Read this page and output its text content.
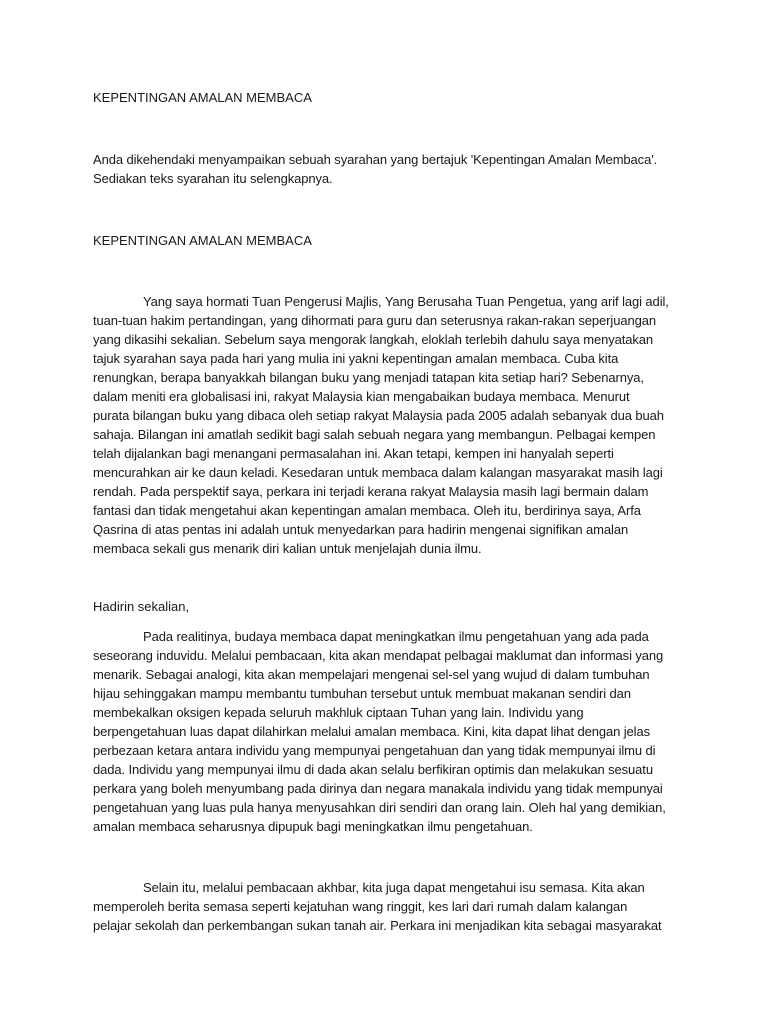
KEPENTINGAN AMALAN MEMBACA
Anda dikehendaki menyampaikan sebuah syarahan yang bertajuk 'Kepentingan Amalan Membaca'.
Sediakan teks syarahan itu selengkapnya.
KEPENTINGAN AMALAN MEMBACA
Yang saya hormati Tuan Pengerusi Majlis, Yang Berusaha Tuan Pengetua, yang arif lagi adil,
tuan-tuan hakim pertandingan, yang dihormati para guru dan seterusnya rakan-rakan seperjuangan
yang dikasihi sekalian. Sebelum saya mengorak langkah, eloklah terlebih dahulu saya menyatakan
tajuk syarahan saya pada hari yang mulia ini yakni kepentingan amalan membaca. Cuba kita
renungkan, berapa banyakkah bilangan buku yang menjadi tatapan kita setiap hari? Sebenarnya,
dalam meniti era globalisasi ini, rakyat Malaysia kian mengabaikan budaya membaca. Menurut
purata bilangan buku yang dibaca oleh setiap rakyat Malaysia pada 2005 adalah sebanyak dua buah
sahaja. Bilangan ini amatlah sedikit bagi salah sebuah negara yang membangun. Pelbagai kempen
telah dijalankan bagi menangani permasalahan ini. Akan tetapi, kempen ini hanyalah seperti
mencurahkan air ke daun keladi. Kesedaran untuk membaca dalam kalangan masyarakat masih lagi
rendah. Pada perspektif saya, perkara ini terjadi kerana rakyat Malaysia masih lagi bermain dalam
fantasi dan tidak mengetahui akan kepentingan amalan membaca. Oleh itu, berdirinya saya, Arfa
Qasrina di atas pentas ini adalah untuk menyedarkan para hadirin mengenai signifikan amalan
membaca sekali gus menarik diri kalian untuk menjelajah dunia ilmu.
Hadirin sekalian,
Pada realitinya, budaya membaca dapat meningkatkan ilmu pengetahuan yang ada pada
seseorang induvidu. Melalui pembacaan, kita akan mendapat pelbagai maklumat dan informasi yang
menarik. Sebagai analogi, kita akan mempelajari mengenai sel-sel yang wujud di dalam tumbuhan
hijau sehinggakan mampu membantu tumbuhan tersebut untuk membuat makanan sendiri dan
membekalkan oksigen kepada seluruh makhluk ciptaan Tuhan yang lain. Individu yang
berpengetahuan luas dapat dilahirkan melalui amalan membaca. Kini, kita dapat lihat dengan jelas
perbezaan ketara antara individu yang mempunyai pengetahuan dan yang tidak mempunyai ilmu di
dada. Individu yang mempunyai ilmu di dada akan selalu berfikiran optimis dan melakukan sesuatu
perkara yang boleh menyumbang pada dirinya dan negara manakala individu yang tidak mempunyai
pengetahuan yang luas pula hanya menyusahkan diri sendiri dan orang lain. Oleh hal yang demikian,
amalan membaca seharusnya dipupuk bagi meningkatkan ilmu pengetahuan.
Selain itu, melalui pembacaan akhbar, kita juga dapat mengetahui isu semasa. Kita akan
memperoleh berita semasa seperti kejatuhan wang ringgit, kes lari dari rumah dalam kalangan
pelajar sekolah dan perkembangan sukan tanah air. Perkara ini menjadikan kita sebagai masyarakat
